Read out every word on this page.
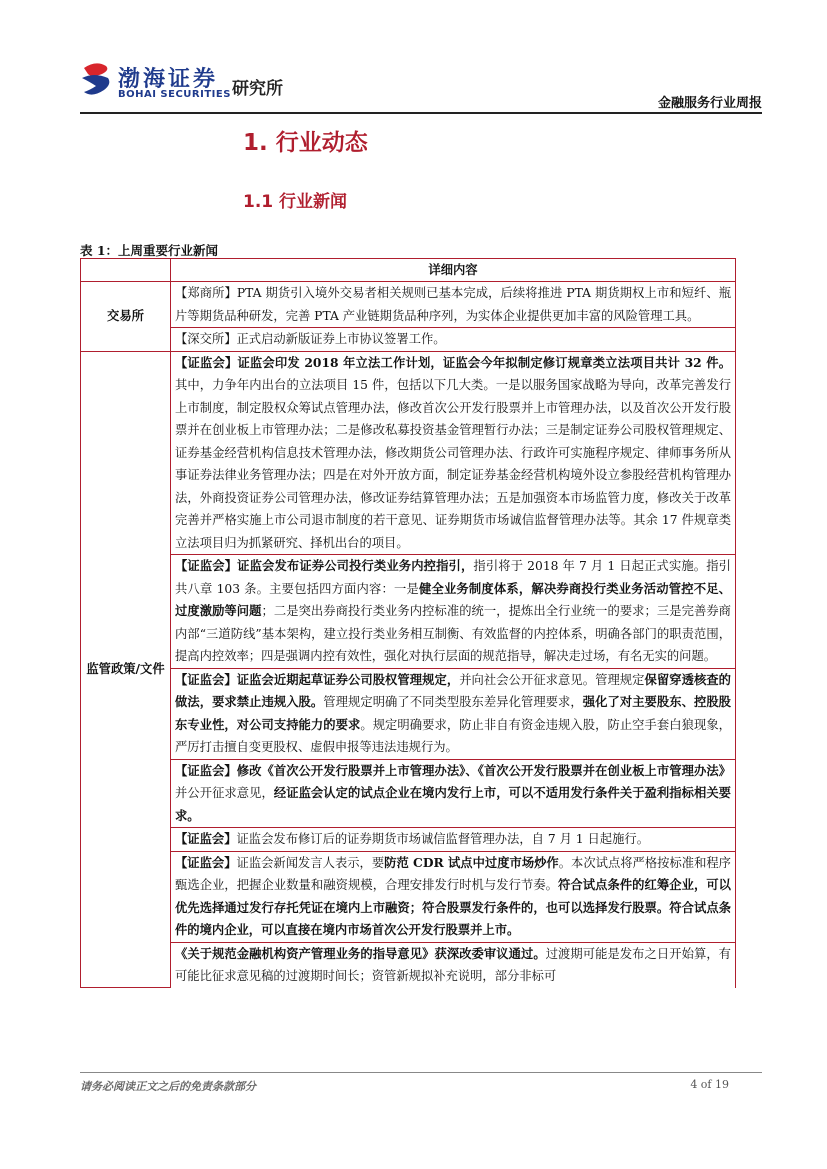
渤海证券
BOHAI SECURITIES 研究所
金融服务行业周报
1. 行业动态
1.1 行业新闻
表 1：上周重要行业新闻
	详细内容
交易所	【郑商所】PTA 期货引入境外交易者相关规则已基本完成，后续将推进 PTA 期货期权上市和短纤、瓶片等期货品种研发，完善 PTA 产业链期货品种序列，为实体企业提供更加丰富的风险管理工具。
	【深交所】正式启动新版证券上市协议签署工作。
监管政策/文件	【证监会】证监会印发 2018 年立法工作计划，证监会今年拟制定修订规章类立法项目共计 32 件。其中，力争年内出台的立法项目 15 件，包括以下几大类。一是以服务国家战略为导向，改革完善发行上市制度，制定股权众筹试点管理办法，修改首次公开发行股票并上市管理办法，以及首次公开发行股票并在创业板上市管理办法；二是修改私募投资基金管理暂行办法；三是制定证券公司股权管理规定、证券基金经营机构信息技术管理办法，修改期货公司管理办法、行政许可实施程序规定、律师事务所从事证券法律业务管理办法；四是在对外开放方面，制定证券基金经营机构境外设立参股经营机构管理办法，外商投资证券公司管理办法，修改证券结算管理办法；五是加强资本市场监管力度，修改关于改革完善并严格实施上市公司退市制度的若干意见、证券期货市场诚信监督管理办法等。其余 17 件规章类立法项目归为抓紧研究、择机出台的项目。
	【证监会】证监会发布证券公司投行类业务内控指引，指引将于 2018 年 7 月 1 日起正式实施。指引共八章 103 条。主要包括四方面内容：一是健全业务制度体系，解决券商投行类业务活动管控不足、过度激励等问题；二是突出券商投行类业务内控标准的统一，提炼出全行业统一的要求；三是完善券商内部“三道防线”基本架构，建立投行类业务相互制衡、有效监督的内控体系，明确各部门的职责范围，提高内控效率；四是强调内控有效性，强化对执行层面的规范指导，解决走过场，有名无实的问题。
	【证监会】证监会近期起草证券公司股权管理规定，并向社会公开征求意见。管理规定保留穿透核查的做法，要求禁止违规入股。管理规定明确了不同类型股东差异化管理要求，强化了对主要股东、控股股东专业性，对公司支持能力的要求。规定明确要求，防止非自有资金违规入股，防止空手套白狼现象，严厉打击擅自变更股权、虚假申报等违法违规行为。
	【证监会】修改《首次公开发行股票并上市管理办法》、《首次公开发行股票并在创业板上市管理办法》并公开征求意见，经证监会认定的试点企业在境内发行上市，可以不适用发行条件关于盈利指标相关要求。
	【证监会】证监会发布修订后的证券期货市场诚信监督管理办法，自 7 月 1 日起施行。
	【证监会】证监会新闻发言人表示，要防范 CDR 试点中过度市场炒作。本次试点将严格按标准和程序甄选企业，把握企业数量和融资规模，合理安排发行时机与发行节奏。符合试点条件的红筹企业，可以优先选择通过发行存托凭证在境内上市融资；符合股票发行条件的，也可以选择发行股票。符合试点条件的境内企业，可以直接在境内市场首次公开发行股票并上市。
	《关于规范金融机构资产管理业务的指导意见》获深改委审议通过。过渡期可能是发布之日开始算，有可能比征求意见稿的过渡期时间长；资管新规拟补充说明，部分非标可
请务必阅读正文之后的免责条款部分	4 of 19
